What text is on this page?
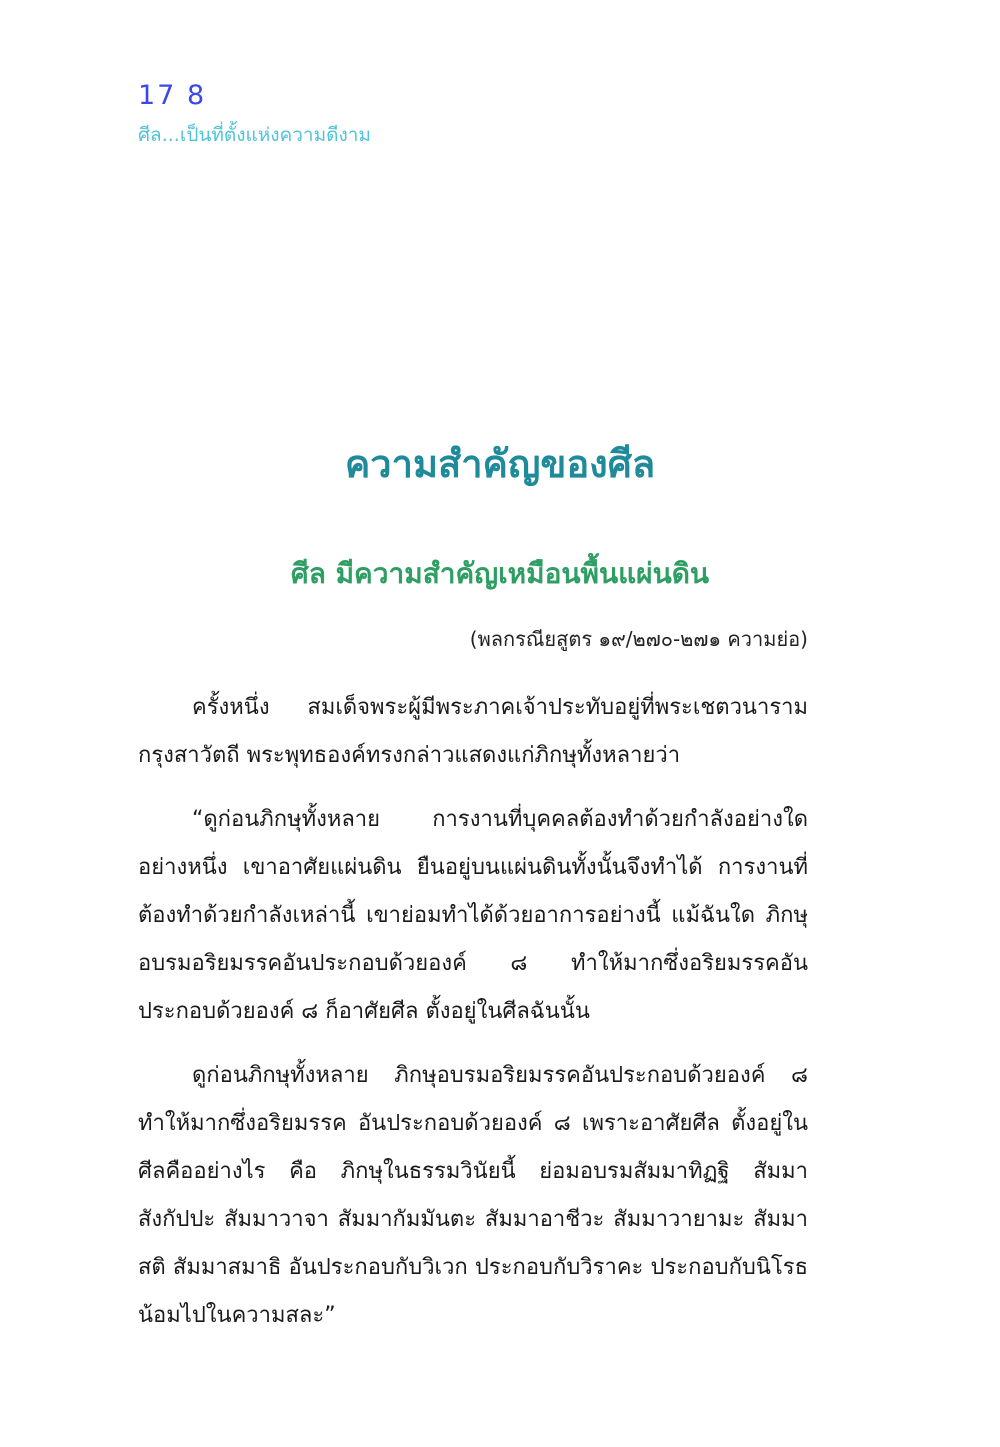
17 8
ศีล...เป็นที่ตั้งแห่งความดีงาม
ความสำคัญของศีล
ศีล มีความสำคัญเหมือนพื้นแผ่นดิน
(พลกรณียสูตร ๑๙/๒๗๐-๒๗๑ ความย่อ)

ครั้งหนึ่ง สมเด็จพระผู้มีพระภาคเจ้าประทับอยู่ที่พระเชตวนาราม กรุงสาวัตถี พระพุทธองค์ทรงกล่าวแสดงแก่ภิกษุทั้งหลายว่า

“ดูก่อนภิกษุทั้งหลาย การงานที่บุคคลต้องทำด้วยกำลังอย่างใดอย่างหนึ่ง เขาอาศัยแผ่นดิน ยืนอยู่บนแผ่นดินทั้งนั้นจึงทำได้ การงานที่ต้องทำด้วยกำลังเหล่านี้ เขาย่อมทำได้ด้วยอาการอย่างนี้ แม้ฉันใด ภิกษุอบรมอริยมรรคอันประกอบด้วยองค์ ๘ ทำให้มากซึ่งอริยมรรคอันประกอบด้วยองค์ ๘ ก็อาศัยศีล ตั้งอยู่ในศีลฉันนั้น

ดูก่อนภิกษุทั้งหลาย ภิกษุอบรมอริยมรรคอันประกอบด้วยองค์ ๘ ทำให้มากซึ่งอริยมรรค อันประกอบด้วยองค์ ๘ เพราะอาศัยศีล ตั้งอยู่ในศีลคืออย่างไร คือ ภิกษุในธรรมวินัยนี้ ย่อมอบรมสัมมาทิฏฐิ สัมมาสังกัปปะ สัมมาวาจา สัมมากัมมันตะ สัมมาอาชีวะ สัมมาวายามะ สัมมาสติ สัมมาสมาธิ อันประกอบกับวิเวก ประกอบกับวิราคะ ประกอบกับนิโรธ น้อมไปในความสละ”
